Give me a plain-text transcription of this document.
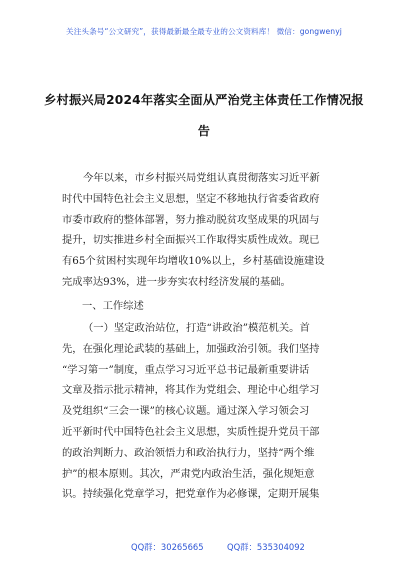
关注头条号“公文研究”，获得最新最全最专业的公文资料库！ 微信：gongwenyj
乡村振兴局2024年落实全面从严治党主体责任工作情况报
告
今年以来，市乡村振兴局党组认真贯彻落实习近平新
时代中国特色社会主义思想，坚定不移地执行省委省政府
市委市政府的整体部署，努力推动脱贫攻坚成果的巩固与
提升，切实推进乡村全面振兴工作取得实质性成效。现已
有65个贫困村实现年均增收10%以上，乡村基础设施建设
完成率达93%，进一步夯实农村经济发展的基础。
一、工作综述
（一）坚定政治站位，打造“讲政治”模范机关。首
先，在强化理论武装的基础上，加强政治引领。我们坚持
“学习第一”制度，重点学习习近平总书记最新重要讲话
文章及指示批示精神，将其作为党组会、理论中心组学习
及党组织“三会一课”的核心议题。通过深入学习领会习
近平新时代中国特色社会主义思想，实质性提升党员干部
的政治判断力、政治领悟力和政治执行力，坚持“两个维
护”的根本原则。其次，严肃党内政治生活，强化规矩意
识。持续强化党章学习，把党章作为必修课，定期开展集
QQ群：30265665	QQ群：535304092
